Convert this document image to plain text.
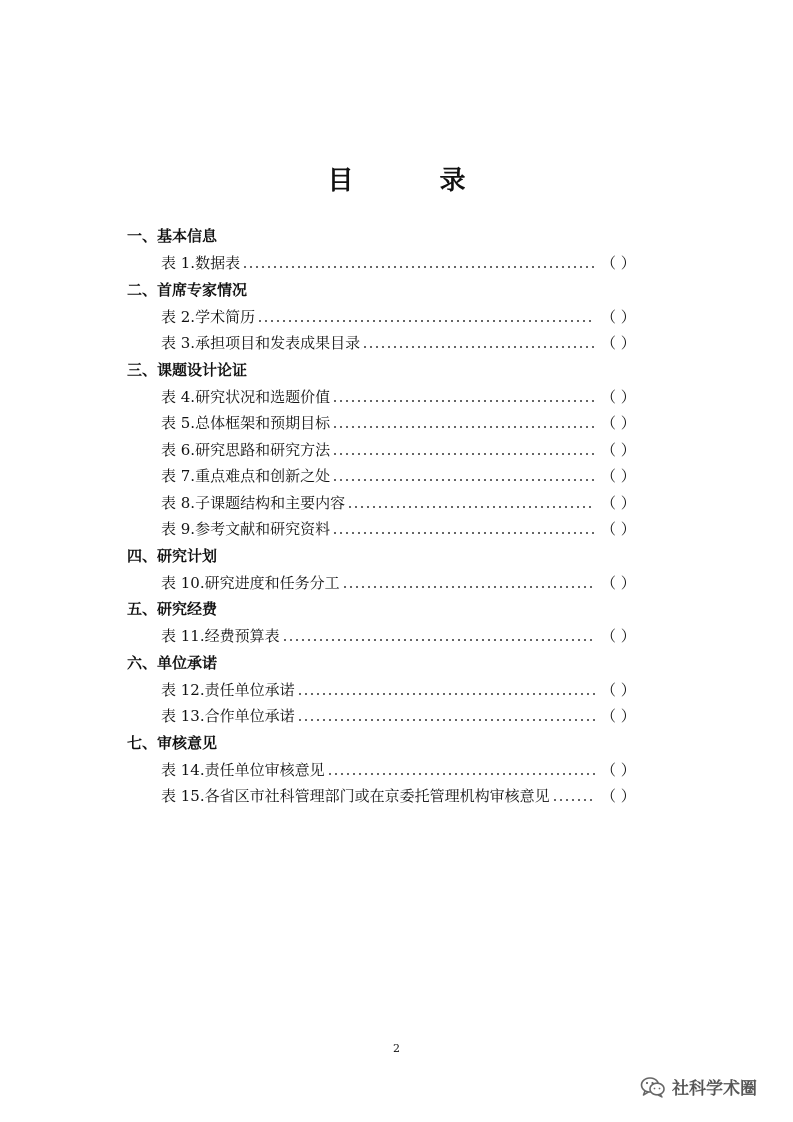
目　录
一、基本信息
表 1.数据表	（ ）
二、首席专家情况
表 2.学术简历	（ ）
表 3.承担项目和发表成果目录	（ ）
三、课题设计论证
表 4.研究状况和选题价值	（ ）
表 5.总体框架和预期目标	（ ）
表 6.研究思路和研究方法	（ ）
表 7.重点难点和创新之处	（ ）
表 8.子课题结构和主要内容	（ ）
表 9.参考文献和研究资料	（ ）
四、研究计划
表 10.研究进度和任务分工	（ ）
五、研究经费
表 11.经费预算表	（ ）
六、单位承诺
表 12.责任单位承诺	（ ）
表 13.合作单位承诺	（ ）
七、审核意见
表 14.责任单位审核意见	（ ）
表 15.各省区市社科管理部门或在京委托管理机构审核意见	（ ）
2
社科学术圈
